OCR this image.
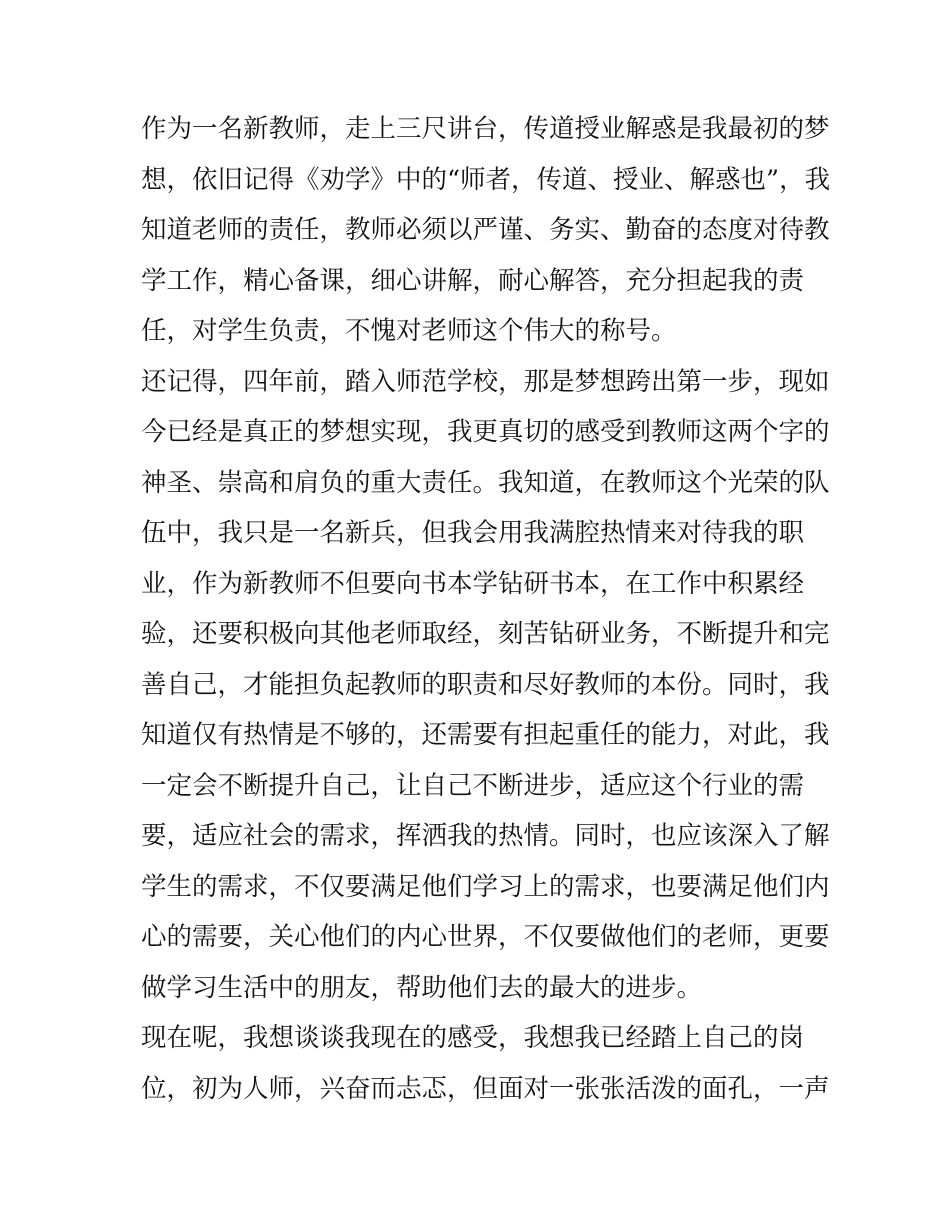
作为一名新教师，走上三尺讲台，传道授业解惑是我最初的梦
想，依旧记得《劝学》中的“师者，传道、授业、解惑也”，我
知道老师的责任，教师必须以严谨、务实、勤奋的态度对待教
学工作，精心备课，细心讲解，耐心解答，充分担起我的责
任，对学生负责，不愧对老师这个伟大的称号。
还记得，四年前，踏入师范学校，那是梦想跨出第一步，现如
今已经是真正的梦想实现，我更真切的感受到教师这两个字的
神圣、崇高和肩负的重大责任。我知道，在教师这个光荣的队
伍中，我只是一名新兵，但我会用我满腔热情来对待我的职
业，作为新教师不但要向书本学钻研书本，在工作中积累经
验，还要积极向其他老师取经，刻苦钻研业务，不断提升和完
善自己，才能担负起教师的职责和尽好教师的本份。同时，我
知道仅有热情是不够的，还需要有担起重任的能力，对此，我
一定会不断提升自己，让自己不断进步，适应这个行业的需
要，适应社会的需求，挥洒我的热情。同时，也应该深入了解
学生的需求，不仅要满足他们学习上的需求，也要满足他们内
心的需要，关心他们的内心世界，不仅要做他们的老师，更要
做学习生活中的朋友，帮助他们去的最大的进步。
现在呢，我想谈谈我现在的感受，我想我已经踏上自己的岗
位，初为人师，兴奋而忐忑，但面对一张张活泼的面孔，一声
